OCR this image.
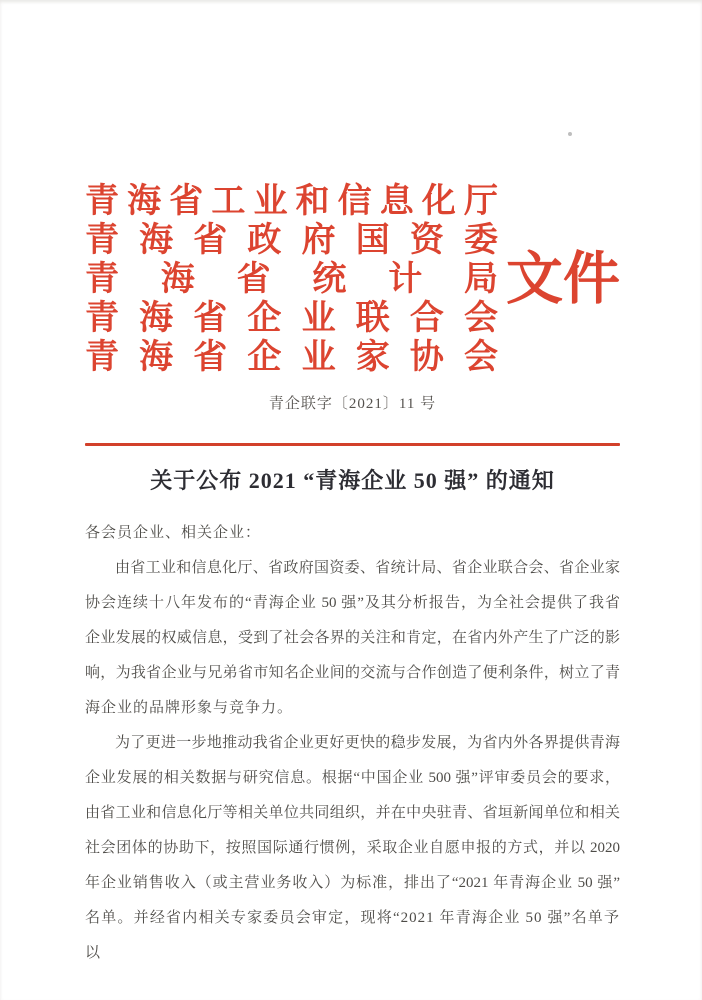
青海省工业和信息化厅
青海省政府国资委
青海省统计局
青海省企业联合会
青海省企业家协会
文件
青企联字〔2021〕11 号
关于公布 2021 “青海企业 50 强” 的通知
各会员企业、相关企业：
由省工业和信息化厅、省政府国资委、省统计局、省企业联合会、省企业家
协会连续十八年发布的“青海企业 50 强”及其分析报告，为全社会提供了我省
企业发展的权威信息，受到了社会各界的关注和肯定，在省内外产生了广泛的影
响，为我省企业与兄弟省市知名企业间的交流与合作创造了便利条件，树立了青
海企业的品牌形象与竞争力。
为了更进一步地推动我省企业更好更快的稳步发展，为省内外各界提供青海
企业发展的相关数据与研究信息。根据“中国企业 500 强”评审委员会的要求，
由省工业和信息化厅等相关单位共同组织，并在中央驻青、省垣新闻单位和相关
社会团体的协助下，按照国际通行惯例，采取企业自愿申报的方式，并以 2020
年企业销售收入（或主营业务收入）为标准，排出了“2021 年青海企业 50 强”
名单。并经省内相关专家委员会审定，现将“2021 年青海企业 50 强”名单予以
